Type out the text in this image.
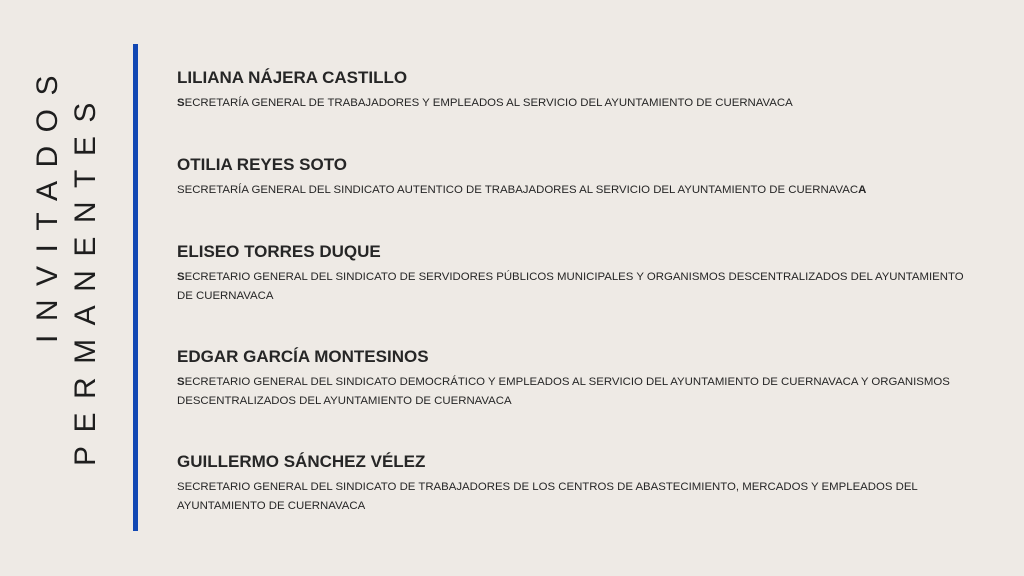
INVITADOS PERMANENTES
LILIANA NÁJERA CASTILLO

SECRETARÍA GENERAL DE TRABAJADORES Y EMPLEADOS AL SERVICIO DEL AYUNTAMIENTO DE CUERNAVACA

OTILIA REYES SOTO

SECRETARÍA GENERAL DEL SINDICATO AUTENTICO DE TRABAJADORES AL SERVICIO DEL AYUNTAMIENTO DE CUERNAVACA

ELISEO TORRES DUQUE

SECRETARIO GENERAL DEL SINDICATO DE SERVIDORES PÚBLICOS MUNICIPALES Y ORGANISMOS DESCENTRALIZADOS DEL AYUNTAMIENTO DE CUERNAVACA

EDGAR GARCÍA MONTESINOS

SECRETARIO GENERAL DEL SINDICATO DEMOCRÁTICO Y EMPLEADOS AL SERVICIO DEL AYUNTAMIENTO DE CUERNAVACA Y ORGANISMOS DESCENTRALIZADOS DEL AYUNTAMIENTO DE CUERNAVACA

GUILLERMO SÁNCHEZ VÉLEZ

SECRETARIO GENERAL DEL SINDICATO DE TRABAJADORES DE LOS CENTROS DE ABASTECIMIENTO, MERCADOS Y EMPLEADOS DEL AYUNTAMIENTO DE CUERNAVACA
